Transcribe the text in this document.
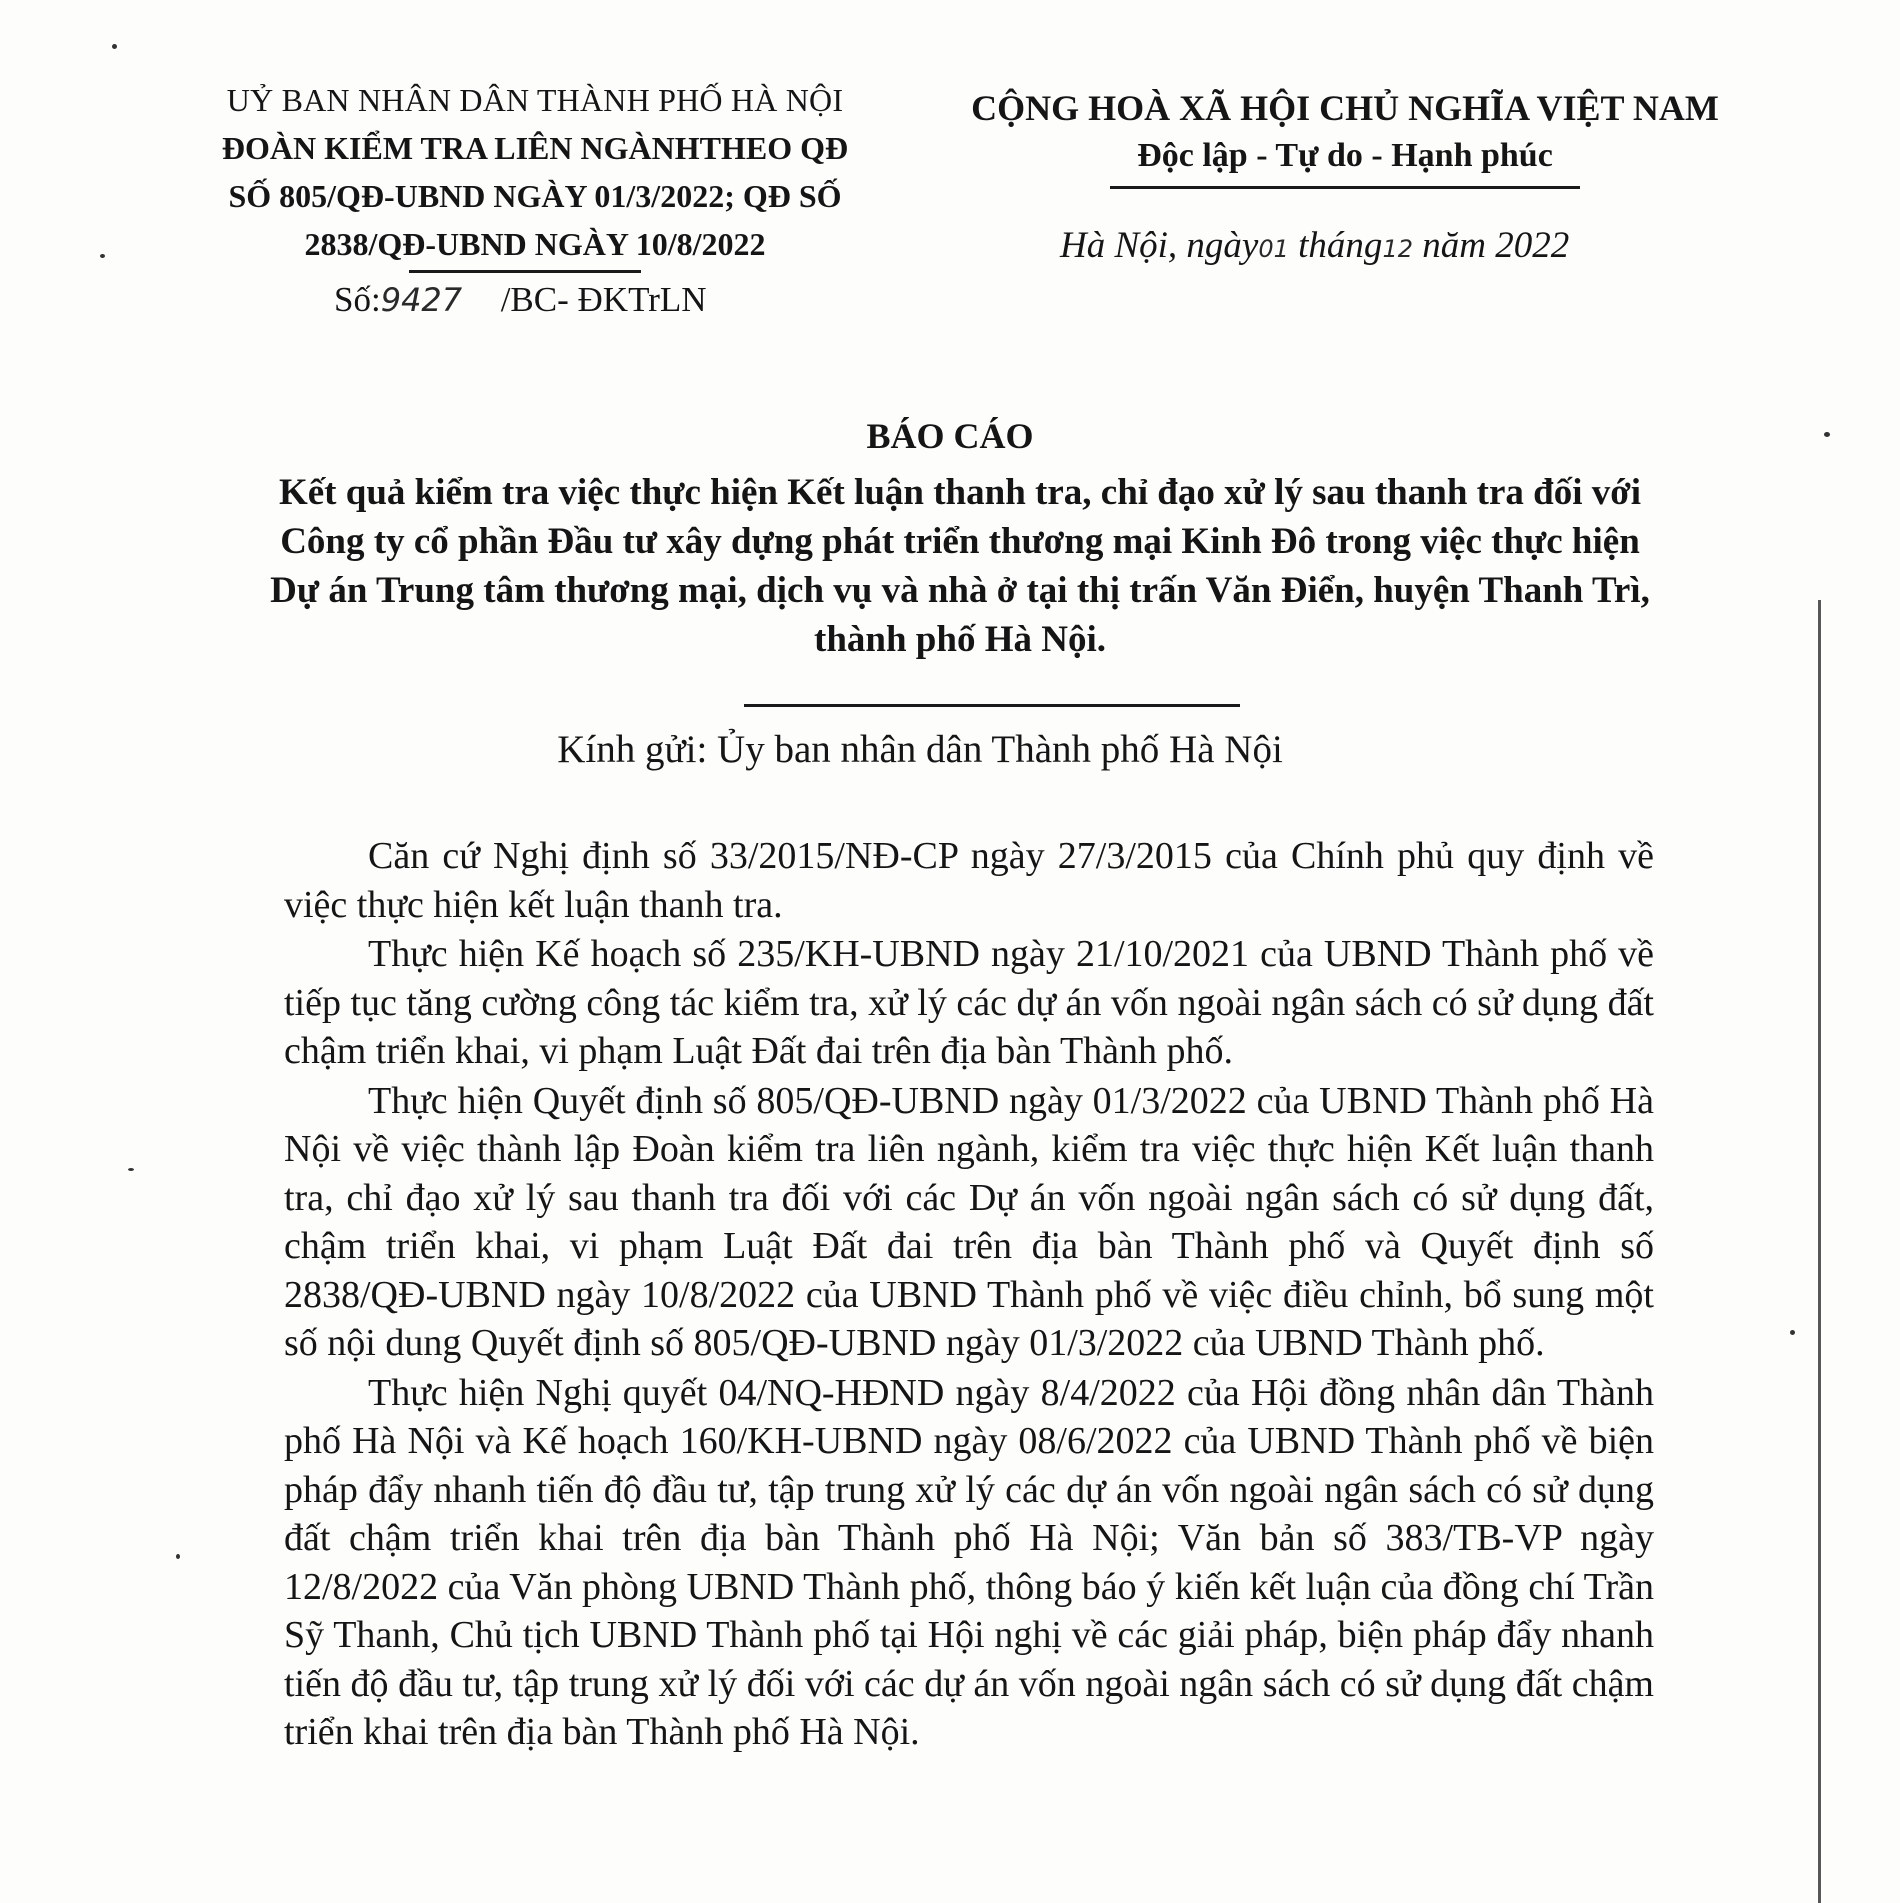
UỶ BAN NHÂN DÂN THÀNH PHỐ HÀ NỘI
ĐOÀN KIỂM TRA LIÊN NGÀNHTHEO QĐ
SỐ 805/QĐ-UBND NGÀY 01/3/2022; QĐ SỐ
2838/QĐ-UBND NGÀY 10/8/2022
Số:9427 /BC- ĐKTrLN
CỘNG HOÀ XÃ HỘI CHỦ NGHĨA VIỆT NAM
Độc lập - Tự do - Hạnh phúc
Hà Nội, ngày01 tháng12 năm 2022
BÁO CÁO
Kết quả kiểm tra việc thực hiện Kết luận thanh tra, chỉ đạo xử lý sau thanh tra đối với Công ty cổ phần Đầu tư xây dựng phát triển thương mại Kinh Đô trong việc thực hiện Dự án Trung tâm thương mại, dịch vụ và nhà ở tại thị trấn Văn Điển, huyện Thanh Trì, thành phố Hà Nội.
Kính gửi: Ủy ban nhân dân Thành phố Hà Nội

Căn cứ Nghị định số 33/2015/NĐ-CP ngày 27/3/2015 của Chính phủ quy định về việc thực hiện kết luận thanh tra.

Thực hiện Kế hoạch số 235/KH-UBND ngày 21/10/2021 của UBND Thành phố về tiếp tục tăng cường công tác kiểm tra, xử lý các dự án vốn ngoài ngân sách có sử dụng đất chậm triển khai, vi phạm Luật Đất đai trên địa bàn Thành phố.

Thực hiện Quyết định số 805/QĐ-UBND ngày 01/3/2022 của UBND Thành phố Hà Nội về việc thành lập Đoàn kiểm tra liên ngành, kiểm tra việc thực hiện Kết luận thanh tra, chỉ đạo xử lý sau thanh tra đối với các Dự án vốn ngoài ngân sách có sử dụng đất, chậm triển khai, vi phạm Luật Đất đai trên địa bàn Thành phố và Quyết định số 2838/QĐ-UBND ngày 10/8/2022 của UBND Thành phố về việc điều chỉnh, bổ sung một số nội dung Quyết định số 805/QĐ-UBND ngày 01/3/2022 của UBND Thành phố.

Thực hiện Nghị quyết 04/NQ-HĐND ngày 8/4/2022 của Hội đồng nhân dân Thành phố Hà Nội và Kế hoạch 160/KH-UBND ngày 08/6/2022 của UBND Thành phố về biện pháp đẩy nhanh tiến độ đầu tư, tập trung xử lý các dự án vốn ngoài ngân sách có sử dụng đất chậm triển khai trên địa bàn Thành phố Hà Nội; Văn bản số 383/TB-VP ngày 12/8/2022 của Văn phòng UBND Thành phố, thông báo ý kiến kết luận của đồng chí Trần Sỹ Thanh, Chủ tịch UBND Thành phố tại Hội nghị về các giải pháp, biện pháp đẩy nhanh tiến độ đầu tư, tập trung xử lý đối với các dự án vốn ngoài ngân sách có sử dụng đất chậm triển khai trên địa bàn Thành phố Hà Nội.
